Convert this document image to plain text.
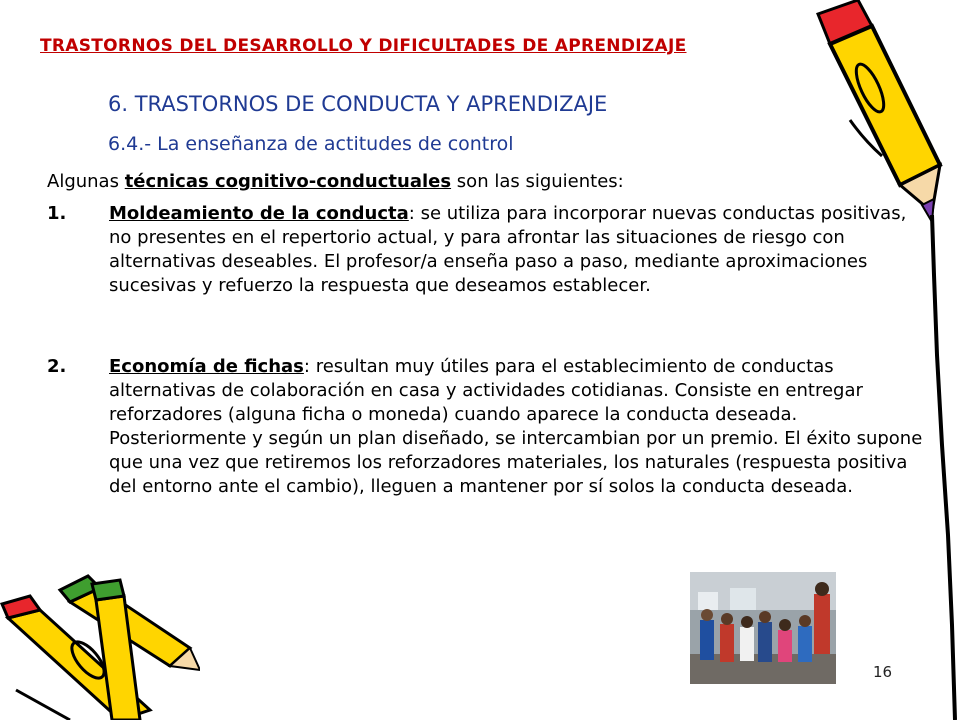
TRASTORNOS DEL DESARROLLO Y DIFICULTADES DE APRENDIZAJE
6. TRASTORNOS DE CONDUCTA Y APRENDIZAJE
6.4.- La enseñanza de actitudes de control
Algunas técnicas cognitivo-conductuales son las siguientes:
1. Moldeamiento de la conducta: se utiliza para incorporar nuevas conductas positivas, no presentes en el repertorio actual, y para afrontar las situaciones de riesgo con alternativas deseables. El profesor/a enseña paso a paso, mediante aproximaciones sucesivas y refuerzo la respuesta que deseamos establecer.
2. Economía de fichas: resultan muy útiles para el establecimiento de conductas alternativas de colaboración en casa y actividades cotidianas. Consiste en entregar reforzadores (alguna ficha o moneda) cuando aparece la conducta deseada. Posteriormente y según un plan diseñado, se intercambian por un premio. El éxito supone que una vez que retiremos los reforzadores materiales, los naturales (respuesta positiva del entorno ante el cambio), lleguen a mantener por sí solos la conducta deseada.
16
